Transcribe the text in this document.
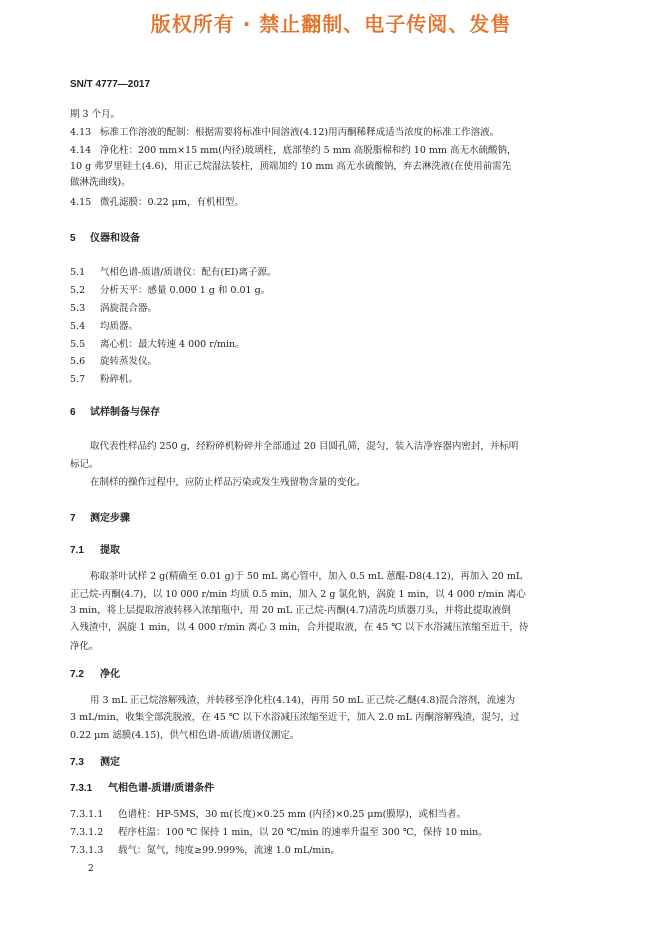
版权所有 · 禁止翻制、电子传阅、发售
SN/T 4777—2017
期 3 个月。
4.13 标准工作溶液的配制：根据需要将标准中间溶液(4.12)用丙酮稀释成适当浓度的标准工作溶液。
4.14 净化柱：200 mm×15 mm(内径)玻璃柱，底部垫约 5 mm 高脱脂棉和约 10 mm 高无水硫酸钠，
10 g 弗罗里硅土(4.6)，用正己烷湿法装柱，顶端加约 10 mm 高无水硫酸钠，弃去淋洗液(在使用前需先
做淋洗曲线)。
4.15 微孔滤膜：0.22 μm，有机相型。
5 仪器和设备
5.1 气相色谱-质谱/质谱仪：配有(EI)离子源。
5.2 分析天平：感量 0.000 1 g 和 0.01 g。
5.3 涡旋混合器。
5.4 均质器。
5.5 离心机：最大转速 4 000 r/min。
5.6 旋转蒸发仪。
5.7 粉碎机。
6 试样制备与保存
取代表性样品约 250 g，经粉碎机粉碎并全部通过 20 目圆孔筛，混匀，装入洁净容器内密封，并标明
标记。
在制样的操作过程中，应防止样品污染或发生残留物含量的变化。
7 测定步骤
7.1 提取
称取茶叶试样 2 g(精确至 0.01 g)于 50 mL 离心管中，加入 0.5 mL 蒽醌-D8(4.12)，再加入 20 mL
正己烷-丙酮(4.7)，以 10 000 r/min 均质 0.5 min，加入 2 g 氯化钠，涡旋 1 min，以 4 000 r/min 离心
3 min，将上层提取溶液转移入浓缩瓶中，用 20 mL 正己烷-丙酮(4.7)清洗均质器刀头，并将此提取液倒
入残渣中，涡旋 1 min，以 4 000 r/min 离心 3 min，合并提取液，在 45 ℃ 以下水浴减压浓缩至近干，待
净化。
7.2 净化
用 3 mL 正己烷溶解残渣，并转移至净化柱(4.14)，再用 50 mL 正己烷-乙醚(4.8)混合溶剂，流速为
3 mL/min，收集全部洗脱液，在 45 ℃ 以下水浴减压浓缩至近干，加入 2.0 mL 丙酮溶解残渣，混匀，过
0.22 μm 滤膜(4.15)，供气相色谱-质谱/质谱仪测定。
7.3 测定
7.3.1 气相色谱-质谱/质谱条件
7.3.1.1 色谱柱：HP-5MS，30 m(长度)×0.25 mm (内径)×0.25 μm(膜厚)，或相当者。
7.3.1.2 程序柱温：100 ℃ 保持 1 min，以 20 ℃/min 的速率升温至 300 ℃，保持 10 min。
7.3.1.3 载气：氮气，纯度≥99.999%，流速 1.0 mL/min。
2
